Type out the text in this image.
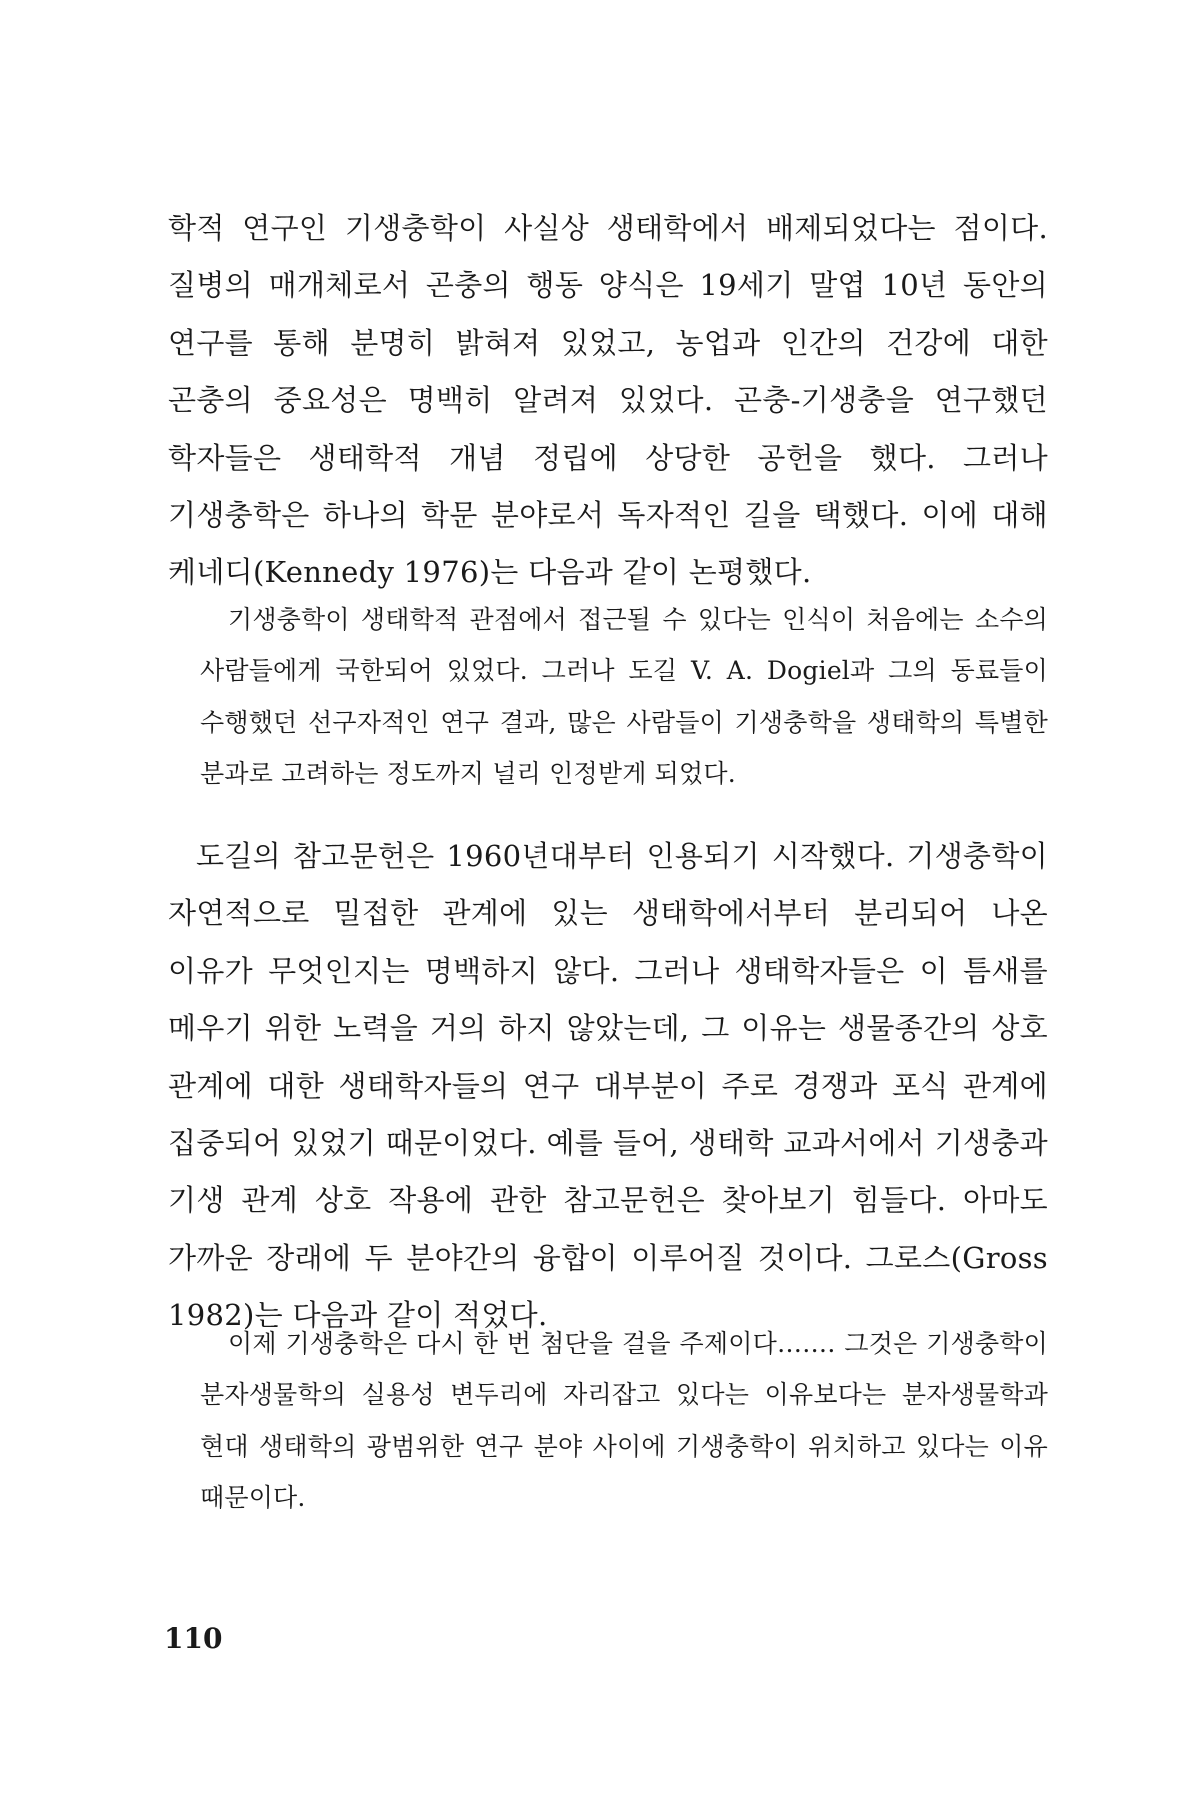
학적 연구인 기생충학이 사실상 생태학에서 배제되었다는 점이다. 질병의 매개체로서 곤충의 행동 양식은 19세기 말엽 10년 동안의 연구를 통해 분명히 밝혀져 있었고, 농업과 인간의 건강에 대한 곤충의 중요성은 명백히 알려져 있었다. 곤충-기생충을 연구했던 학자들은 생태학적 개념 정립에 상당한 공헌을 했다. 그러나 기생충학은 하나의 학문 분야로서 독자적인 길을 택했다. 이에 대해 케네디(Kennedy 1976)는 다음과 같이 논평했다.

기생충학이 생태학적 관점에서 접근될 수 있다는 인식이 처음에는 소수의 사람들에게 국한되어 있었다. 그러나 도길 V. A. Dogiel과 그의 동료들이 수행했던 선구자적인 연구 결과, 많은 사람들이 기생충학을 생태학의 특별한 분과로 고려하는 정도까지 널리 인정받게 되었다.

도길의 참고문헌은 1960년대부터 인용되기 시작했다. 기생충학이 자연적으로 밀접한 관계에 있는 생태학에서부터 분리되어 나온 이유가 무엇인지는 명백하지 않다. 그러나 생태학자들은 이 틈새를 메우기 위한 노력을 거의 하지 않았는데, 그 이유는 생물종간의 상호 관계에 대한 생태학자들의 연구 대부분이 주로 경쟁과 포식 관계에 집중되어 있었기 때문이었다. 예를 들어, 생태학 교과서에서 기생충과 기생 관계 상호 작용에 관한 참고문헌은 찾아보기 힘들다. 아마도 가까운 장래에 두 분야간의 융합이 이루어질 것이다. 그로스(Gross 1982)는 다음과 같이 적었다.

이제 기생충학은 다시 한 번 첨단을 걸을 주제이다……. 그것은 기생충학이 분자생물학의 실용성 변두리에 자리잡고 있다는 이유보다는 분자생물학과 현대 생태학의 광범위한 연구 분야 사이에 기생충학이 위치하고 있다는 이유 때문이다.

110
